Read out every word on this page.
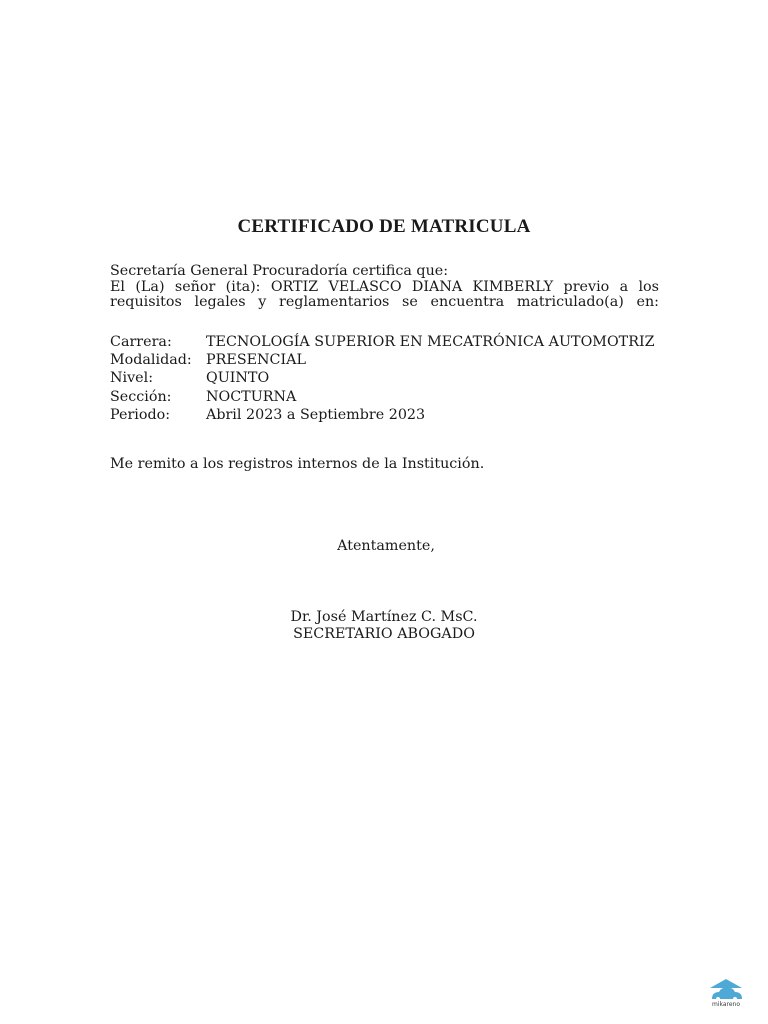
CERTIFICADO DE MATRICULA
Secretaría General Procuradoría certifica que:
El (La) señor (ita): ORTIZ VELASCO DIANA KIMBERLY previo a los
requisitos legales y reglamentarios se encuentra matriculado(a) en:
Carrera:	TECNOLOGÍA SUPERIOR EN MECATRÓNICA AUTOMOTRIZ
Modalidad: PRESENCIAL
Nivel:	QUINTO
Sección:	NOCTURNA
Periodo:	Abril 2023 a Septiembre 2023
Me remito a los registros internos de la Institución.
Atentamente,
Dr. José Martínez C. MsC.
SECRETARIO ABOGADO
mikareno
